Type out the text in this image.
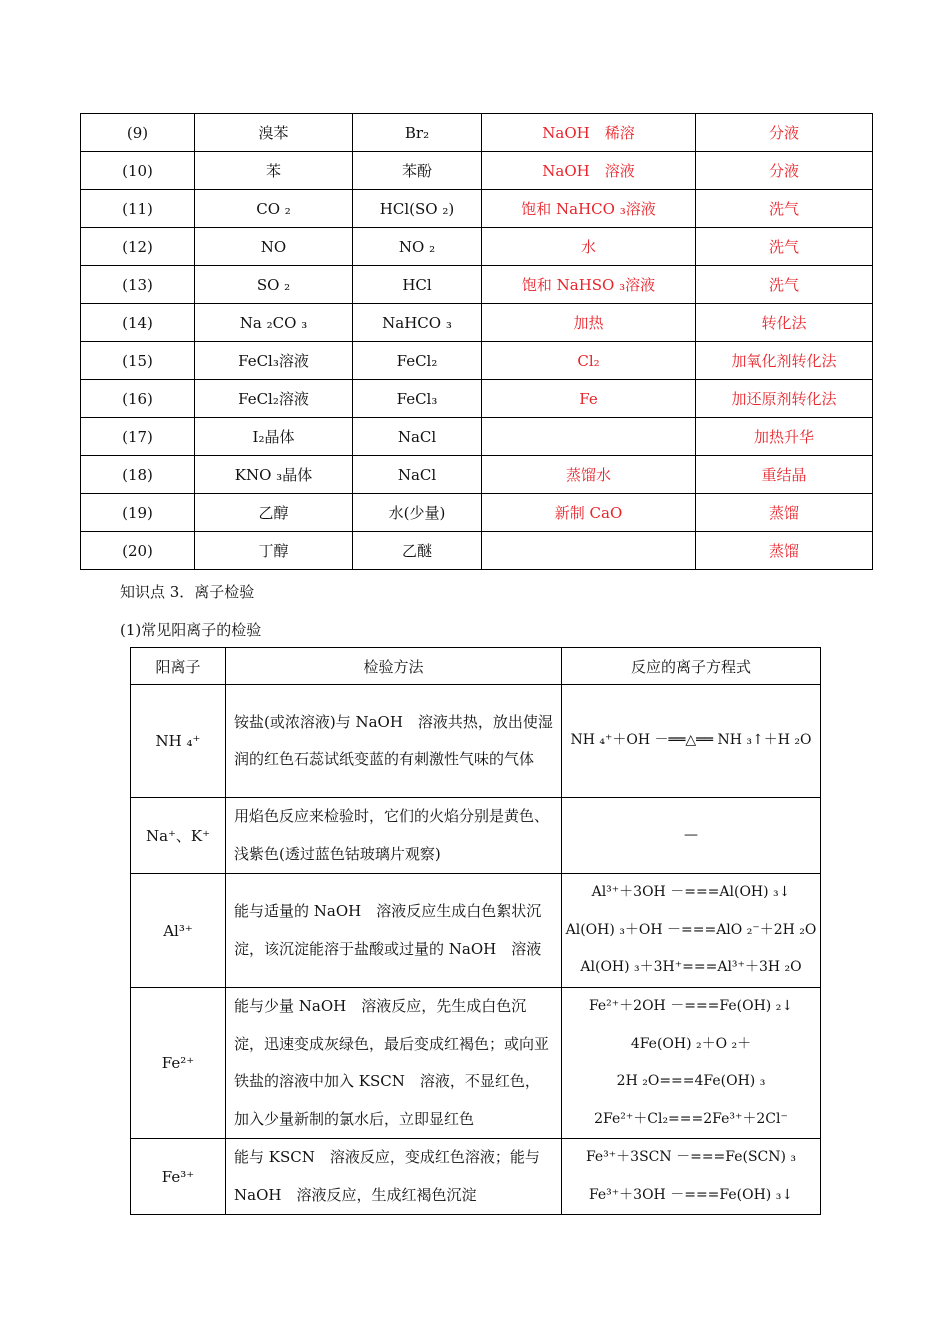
(9)	溴苯	Br₂	NaOH　稀溶	分液
(10)	苯	苯酚	NaOH　溶液	分液
(11)	CO ₂	HCl(SO ₂)	饱和 NaHCO ₃溶液	洗气
(12)	NO	NO ₂	水	洗气
(13)	SO ₂	HCl	饱和 NaHSO ₃溶液	洗气
(14)	Na ₂CO ₃	NaHCO ₃	加热	转化法
(15)	FeCl₃溶液	FeCl₂	Cl₂	加氧化剂转化法
(16)	FeCl₂溶液	FeCl₃	Fe	加还原剂转化法
(17)	I₂晶体	NaCl		加热升华
(18)	KNO ₃晶体	NaCl	蒸馏水	重结晶
(19)	乙醇	水(少量)	新制 CaO	蒸馏
(20)	丁醇	乙醚		蒸馏
知识点 3．离子检验
(1)常见阳离子的检验
阳离子	检验方法	反应的离子方程式
NH ₄⁺	铵盐(或浓溶液)与 NaOH　溶液共热，放出使湿润的红色石蕊试纸变蓝的有刺激性气味的气体	NH ₄⁺＋OH －══△══ NH ₃↑＋H ₂O

Na⁺、K⁺	用焰色反应来检验时，它们的火焰分别是黄色、浅紫色(透过蓝色钴玻璃片观察)	—

Al³⁺	能与适量的 NaOH　溶液反应生成白色絮状沉淀，该沉淀能溶于盐酸或过量的 NaOH　溶液	Al³⁺＋3OH －===Al(OH) ₃↓
Al(OH) ₃＋OH －===AlO ₂⁻＋2H ₂O
Al(OH) ₃＋3H⁺===Al³⁺＋3H ₂O

Fe²⁺	能与少量 NaOH　溶液反应，先生成白色沉淀，迅速变成灰绿色，最后变成红褐色；或向亚铁盐的溶液中加入 KSCN　溶液，不显红色，加入少量新制的氯水后，立即显红色	Fe²⁺＋2OH －===Fe(OH) ₂↓
4Fe(OH) ₂＋O ₂＋
2H ₂O===4Fe(OH) ₃
2Fe²⁺＋Cl₂===2Fe³⁺＋2Cl⁻

Fe³⁺	能与 KSCN　溶液反应，变成红色溶液；能与 NaOH　溶液反应，生成红褐色沉淀	Fe³⁺＋3SCN －===Fe(SCN) ₃
Fe³⁺＋3OH －===Fe(OH) ₃↓
